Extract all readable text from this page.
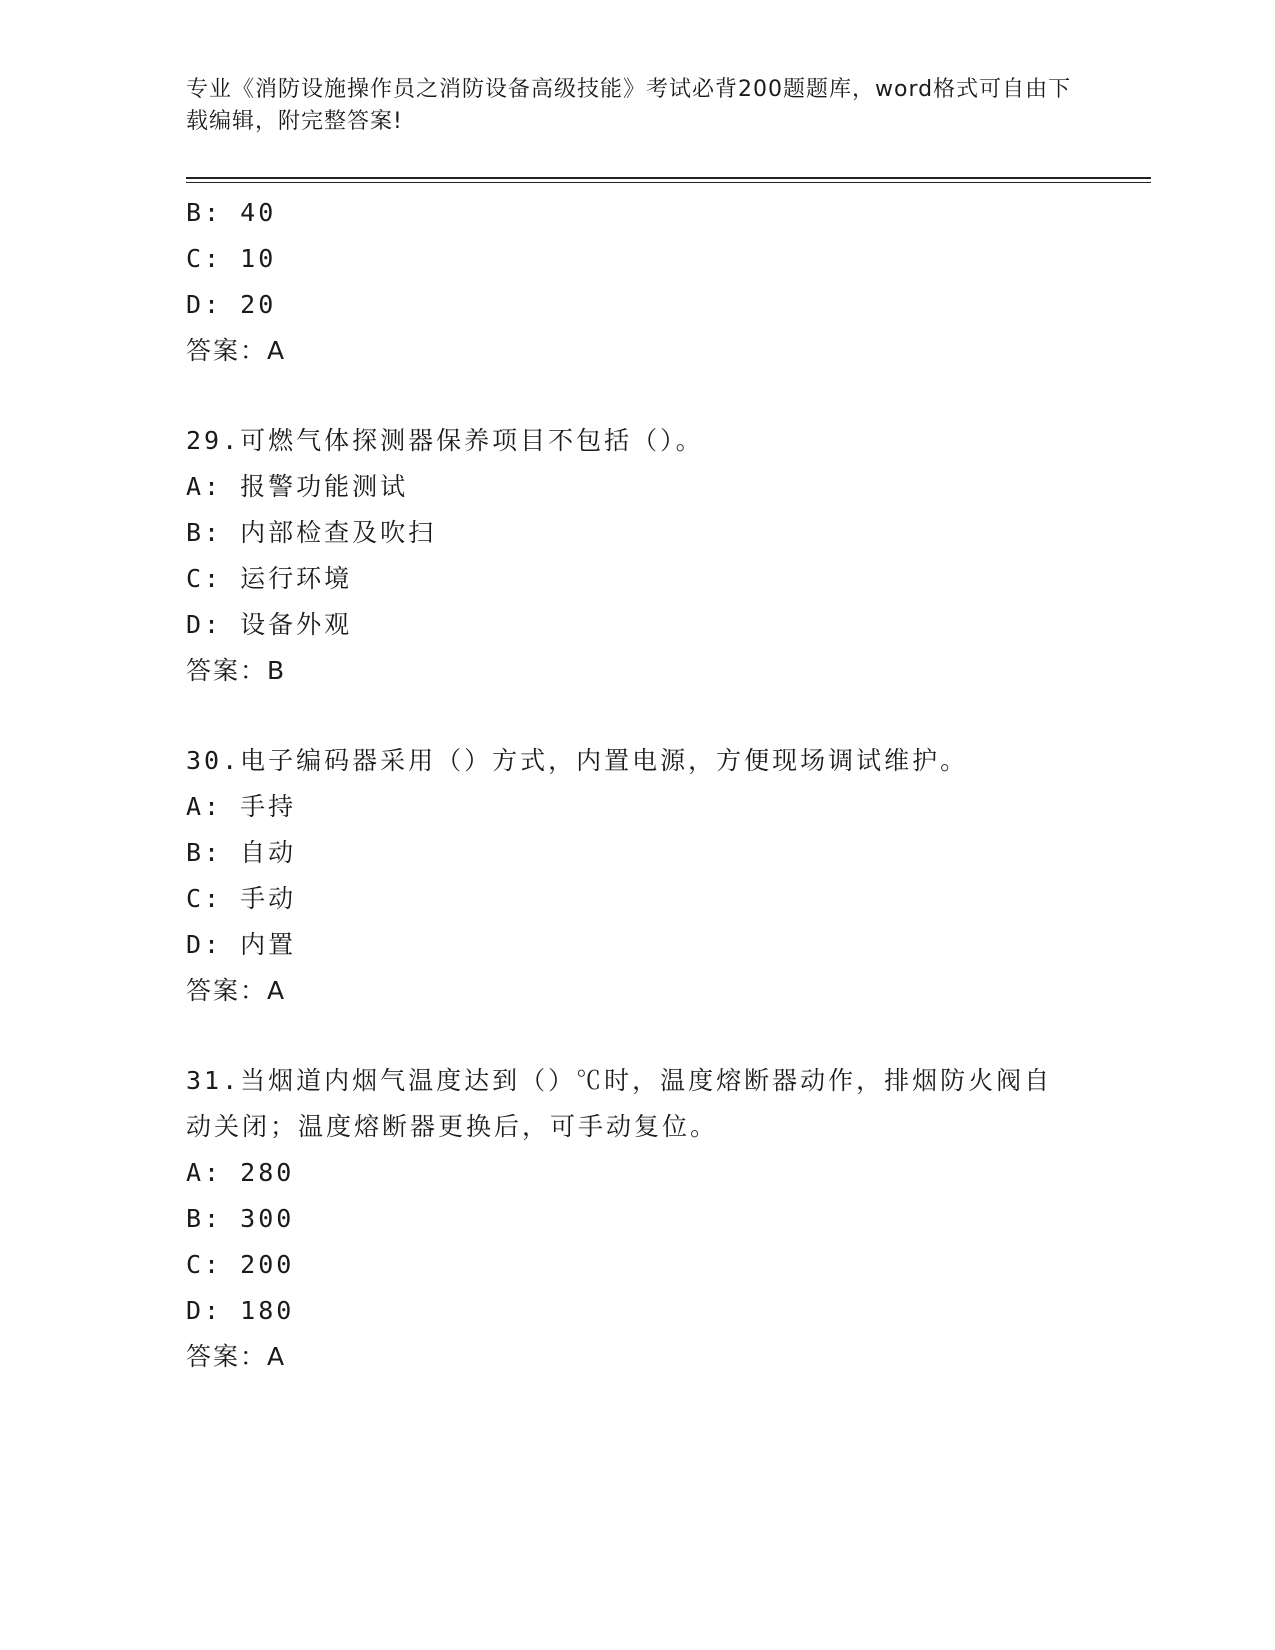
专业《消防设施操作员之消防设备高级技能》考试必背200题题库，word格式可自由下载编辑，附完整答案!
B: 40
C: 10
D: 20
答案：A
29.可燃气体探测器保养项目不包括（）。
A: 报警功能测试
B: 内部检查及吹扫
C: 运行环境
D: 设备外观
答案：B
30.电子编码器采用（）方式，内置电源，方便现场调试维护。
A: 手持
B: 自动
C: 手动
D: 内置
答案：A
31.当烟道内烟气温度达到（）℃时，温度熔断器动作，排烟防火阀自动关闭；温度熔断器更换后，可手动复位。
A: 280
B: 300
C: 200
D: 180
答案：A
